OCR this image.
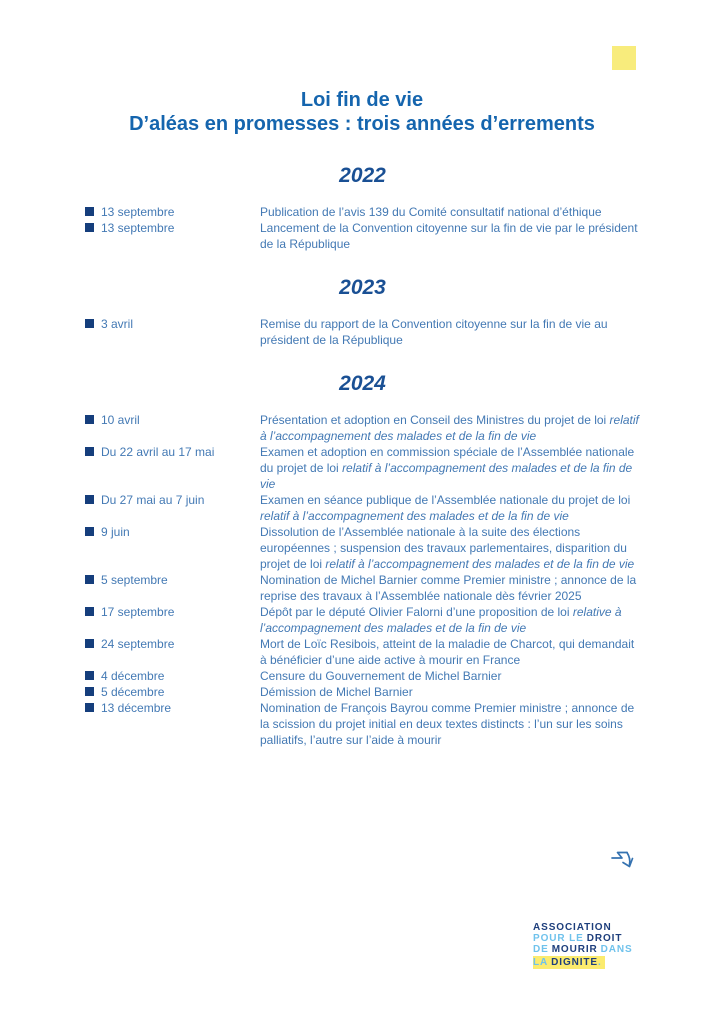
Loi fin de vie
D’aléas en promesses : trois années d’errements
2022
13 septembre	Publication de l’avis 139 du Comité consultatif national d’éthique
13 septembre	Lancement de la Convention citoyenne sur la fin de vie par le président de la République
2023
3 avril	Remise du rapport de la Convention citoyenne sur la fin de vie au président de la République
2024
10 avril	Présentation et adoption en Conseil des Ministres du projet de loi relatif à l’accompagnement des malades et de la fin de vie
Du 22 avril au 17 mai	Examen et adoption en commission spéciale de l’Assemblée nationale du projet de loi relatif à l’accompagnement des malades et de la fin de vie
Du 27 mai au 7 juin	Examen en séance publique de l’Assemblée nationale du projet de loi relatif à l’accompagnement des malades et de la fin de vie
9 juin	Dissolution de l’Assemblée nationale à la suite des élections européennes ; suspension des travaux parlementaires, disparition du projet de loi relatif à l’accompagnement des malades et de la fin de vie
5 septembre	Nomination de Michel Barnier comme Premier ministre ; annonce de la reprise des travaux à l’Assemblée nationale dès février 2025
17 septembre	Dépôt par le député Olivier Falorni d’une proposition de loi relative à l’accompagnement des malades et de la fin de vie
24 septembre	Mort de Loïc Resibois, atteint de la maladie de Charcot, qui demandait à bénéficier d’une aide active à mourir en France
4 décembre	Censure du Gouvernement de Michel Barnier
5 décembre	Démission de Michel Barnier
13 décembre	Nomination de François Bayrou comme Premier ministre ; annonce de la scission du projet initial en deux textes distincts : l’un sur les soins palliatifs, l’autre sur l’aide à mourir
ASSOCIATION
POUR LE DROIT
DE MOURIR DANS
LA DIGNITE.
